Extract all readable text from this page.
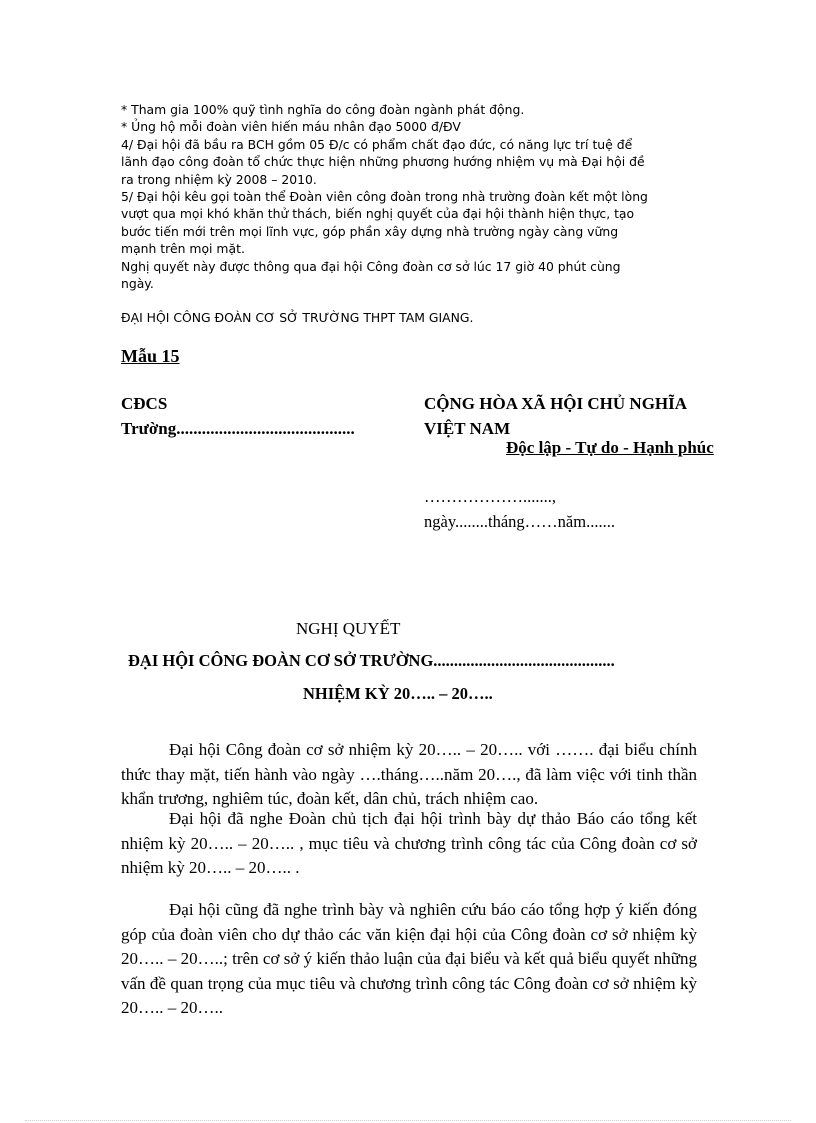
* Tham gia 100% quỹ tình nghĩa do công đoàn ngành phát động.

* Ủng hộ mỗi đoàn viên hiến máu nhân đạo 5000 đ/ĐV

4/ Đại hội đã bầu ra BCH gồm 05 Đ/c có phẩm chất đạo đức, có năng lực trí tuệ để

lãnh đạo công đoàn tổ chức thực hiện những phương hướng nhiệm vụ mà Đại hội đề

ra trong nhiệm kỳ 2008 – 2010.

5/ Đại hội kêu gọi toàn thể Đoàn viên công đoàn trong nhà trường đoàn kết một lòng

vượt qua mọi khó khăn thử thách, biến nghị quyết của đại hội thành hiện thực, tạo

bước tiến mới trên mọi lĩnh vực, góp phần xây dựng nhà trường ngày càng vững

mạnh trên mọi mặt.

Nghị quyết này được thông qua đại hội Công đoàn cơ sở lúc 17 giờ 40 phút cùng

ngày.

ĐẠI HỘI CÔNG ĐOÀN CƠ SỞ TRƯỜNG THPT TAM GIANG.

Mẫu 15
CĐCS
Trường..........................................
CỘNG HÒA XÃ HỘI CHỦ NGHĨA
VIỆT NAM
Độc lập - Tự do - Hạnh phúc
……………….......,
ngày........tháng……năm.......
NGHỊ QUYẾT
ĐẠI HỘI CÔNG ĐOÀN CƠ SỞ TRƯỜNG............................................
NHIỆM KỲ 20….. – 20…..

Đại hội Công đoàn cơ sở nhiệm kỳ 20….. – 20….. với ……. đại biểu chính thức thay mặt, tiến hành vào ngày ….tháng…..năm 20…., đã làm việc với tinh thần khẩn trương, nghiêm túc, đoàn kết, dân chủ, trách nhiệm cao.

Đại hội đã nghe Đoàn chủ tịch đại hội trình bày dự thảo Báo cáo tổng kết nhiệm kỳ 20….. – 20….. , mục tiêu và chương trình công tác của Công đoàn cơ sở nhiệm kỳ 20….. – 20….. .

Đại hội cũng đã nghe trình bày và nghiên cứu báo cáo tổng hợp ý kiến đóng góp của đoàn viên cho dự thảo các văn kiện đại hội của Công đoàn cơ sở nhiệm kỳ 20….. – 20…..; trên cơ sở ý kiến thảo luận của đại biểu và kết quả biểu quyết những vấn đề quan trọng của mục tiêu và chương trình công tác Công đoàn cơ sở nhiệm kỳ 20….. – 20…..
